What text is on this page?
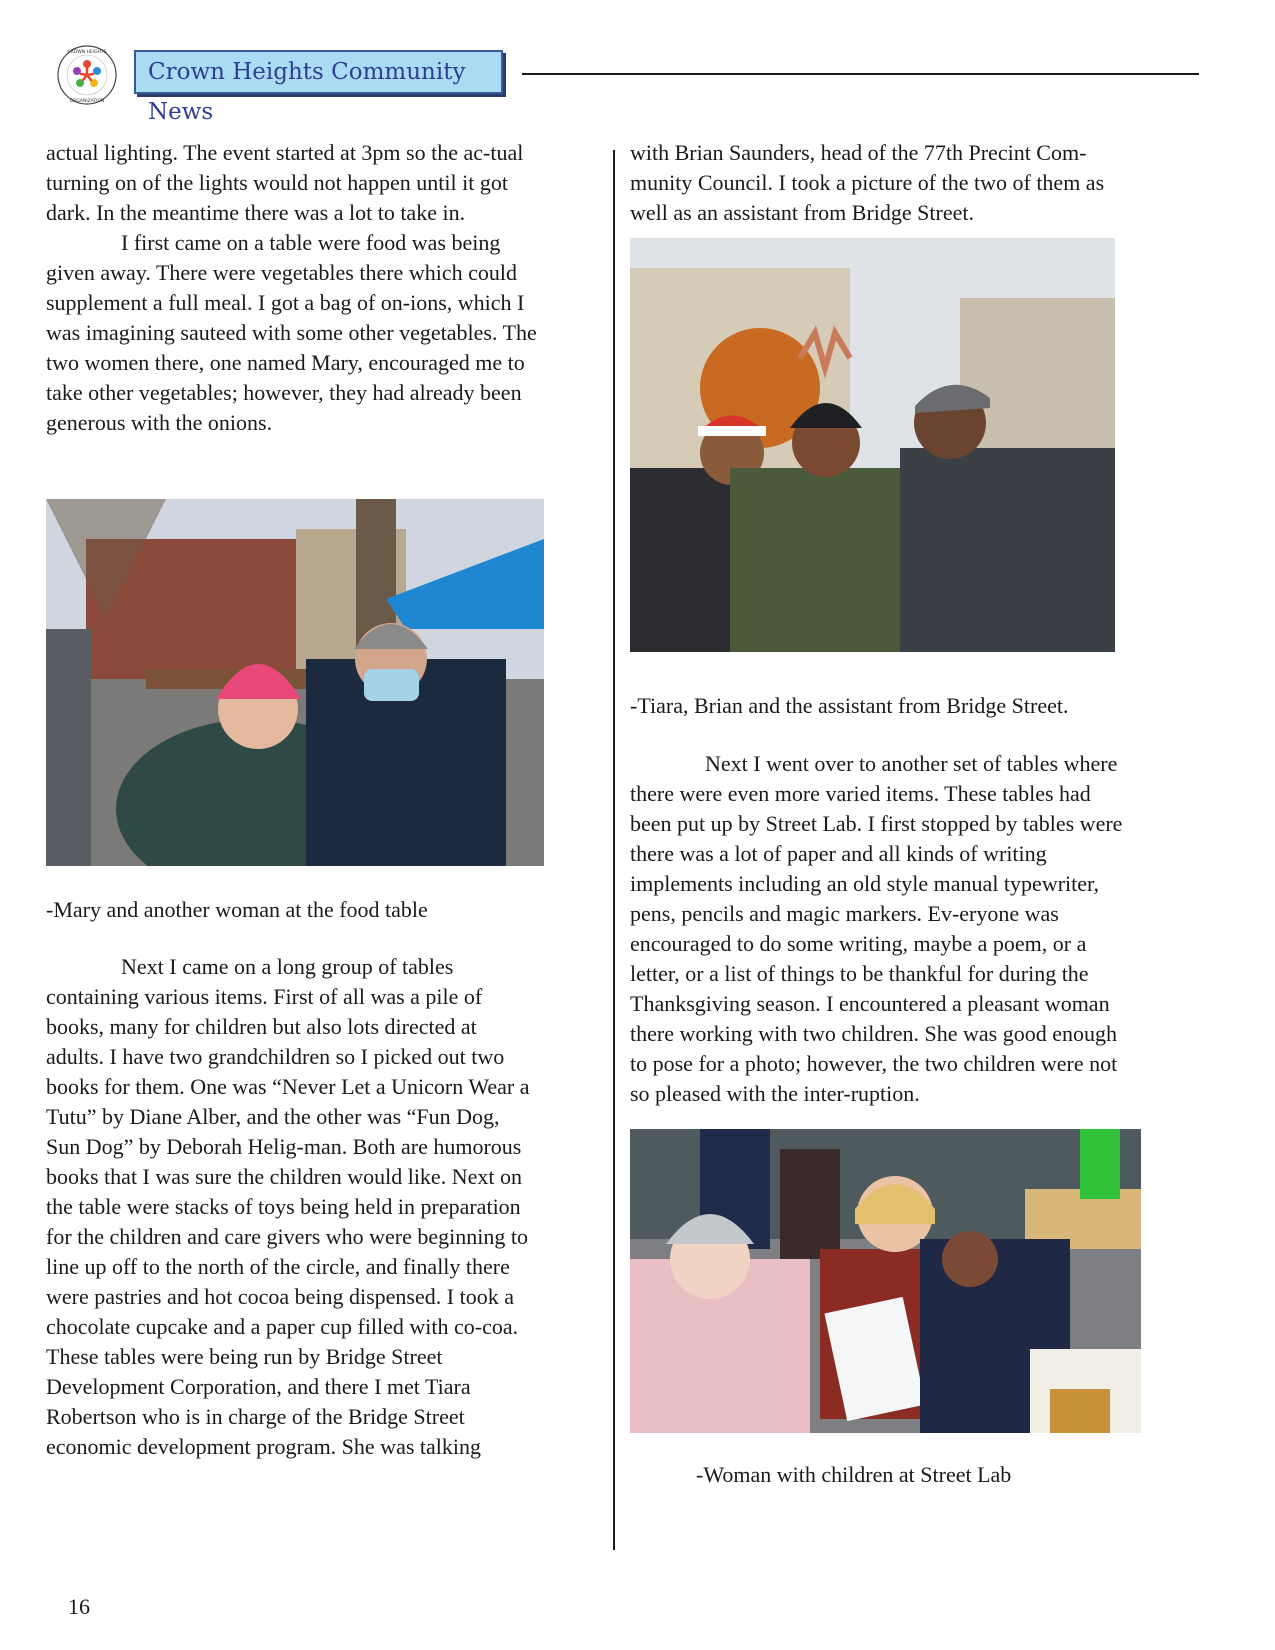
CROWN HEIGHTS
ORGANIZATION
Crown Heights Community News

actual lighting. The event started at 3pm so the ac-tual turning on of the lights would not happen until it got dark. In the meantime there was a lot to take in.

I first came on a table were food was being given away. There were vegetables there which could supplement a full meal. I got a bag of on-ions, which I was imagining sauteed with some other vegetables. The two women there, one named Mary, encouraged me to take other vegetables; however, they had already been generous with the onions.

-Mary and another woman at the food table

Next I came on a long group of tables containing various items. First of all was a pile of books, many for children but also lots directed at adults. I have two grandchildren so I picked out two books for them. One was “Never Let a Unicorn Wear a Tutu” by Diane Alber, and the other was “Fun Dog, Sun Dog” by Deborah Helig-man. Both are humorous books that I was sure the children would like. Next on the table were stacks of toys being held in preparation for the children and care givers who were beginning to line up off to the north of the circle, and finally there were pastries and hot cocoa being dispensed. I took a chocolate cupcake and a paper cup filled with co-coa. These tables were being run by Bridge Street Development Corporation, and there I met Tiara Robertson who is in charge of the Bridge Street economic development program. She was talking

with Brian Saunders, head of the 77th Precint Com-munity Council. I took a picture of the two of them as well as an assistant from Bridge Street.

-Tiara, Brian and the assistant from Bridge Street.

Next I went over to another set of tables where there were even more varied items. These tables had been put up by Street Lab. I first stopped by tables were there was a lot of paper and all kinds of writing implements including an old style manual typewriter, pens, pencils and magic markers. Ev-eryone was encouraged to do some writing, maybe a poem, or a letter, or a list of things to be thankful for during the Thanksgiving season. I encountered a pleasant woman there working with two children. She was good enough to pose for a photo; however, the two children were not so pleased with the inter-ruption.

-Woman with children at Street Lab
16
